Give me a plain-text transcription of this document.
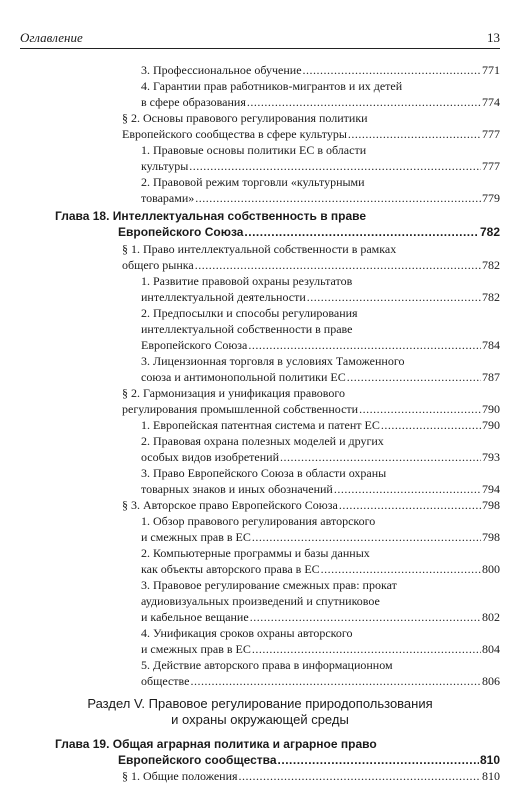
Оглавление	13
3. Профессиональное обучение .....	771
4. Гарантии прав работников-мигрантов и их детей
в сфере образования .....	774
§ 2. Основы правового регулирования политики
Европейского сообщества в сфере культуры .....	777
1. Правовые основы политики ЕС в области
культуры .....	777
2. Правовой режим торговли «культурными
товарами» .....	779
Глава 18. Интеллектуальная собственность в праве
Европейского Союза .....	782
§ 1. Право интеллектуальной собственности в рамках
общего рынка .....	782
1. Развитие правовой охраны результатов
интеллектуальной деятельности .....	782
2. Предпосылки и способы регулирования
интеллектуальной собственности в праве
Европейского Союза .....	784
3. Лицензионная торговля в условиях Таможенного
союза и антимонопольной политики ЕС .....	787
§ 2. Гармонизация и унификация правового
регулирования промышленной собственности .....	790
1. Европейская патентная система и патент ЕС .....	790
2. Правовая охрана полезных моделей и других
особых видов изобретений .....	793
3. Право Европейского Союза в области охраны
товарных знаков и иных обозначений .....	794
§ 3. Авторское право Европейского Союза .....	798
1. Обзор правового регулирования авторского
и смежных прав в ЕС .....	798
2. Компьютерные программы и базы данных
как объекты авторского права в ЕС .....	800
3. Правовое регулирование смежных прав: прокат
аудиовизуальных произведений и спутниковое
и кабельное вещание .....	802
4. Унификация сроков охраны авторского
и смежных прав в ЕС .....	804
5. Действие авторского права в информационном
обществе .....	806
Раздел V. Правовое регулирование природопользования
и охраны окружающей среды
Глава 19. Общая аграрная политика и аграрное право
Европейского сообщества .....	810
§ 1. Общие положения .....	810
